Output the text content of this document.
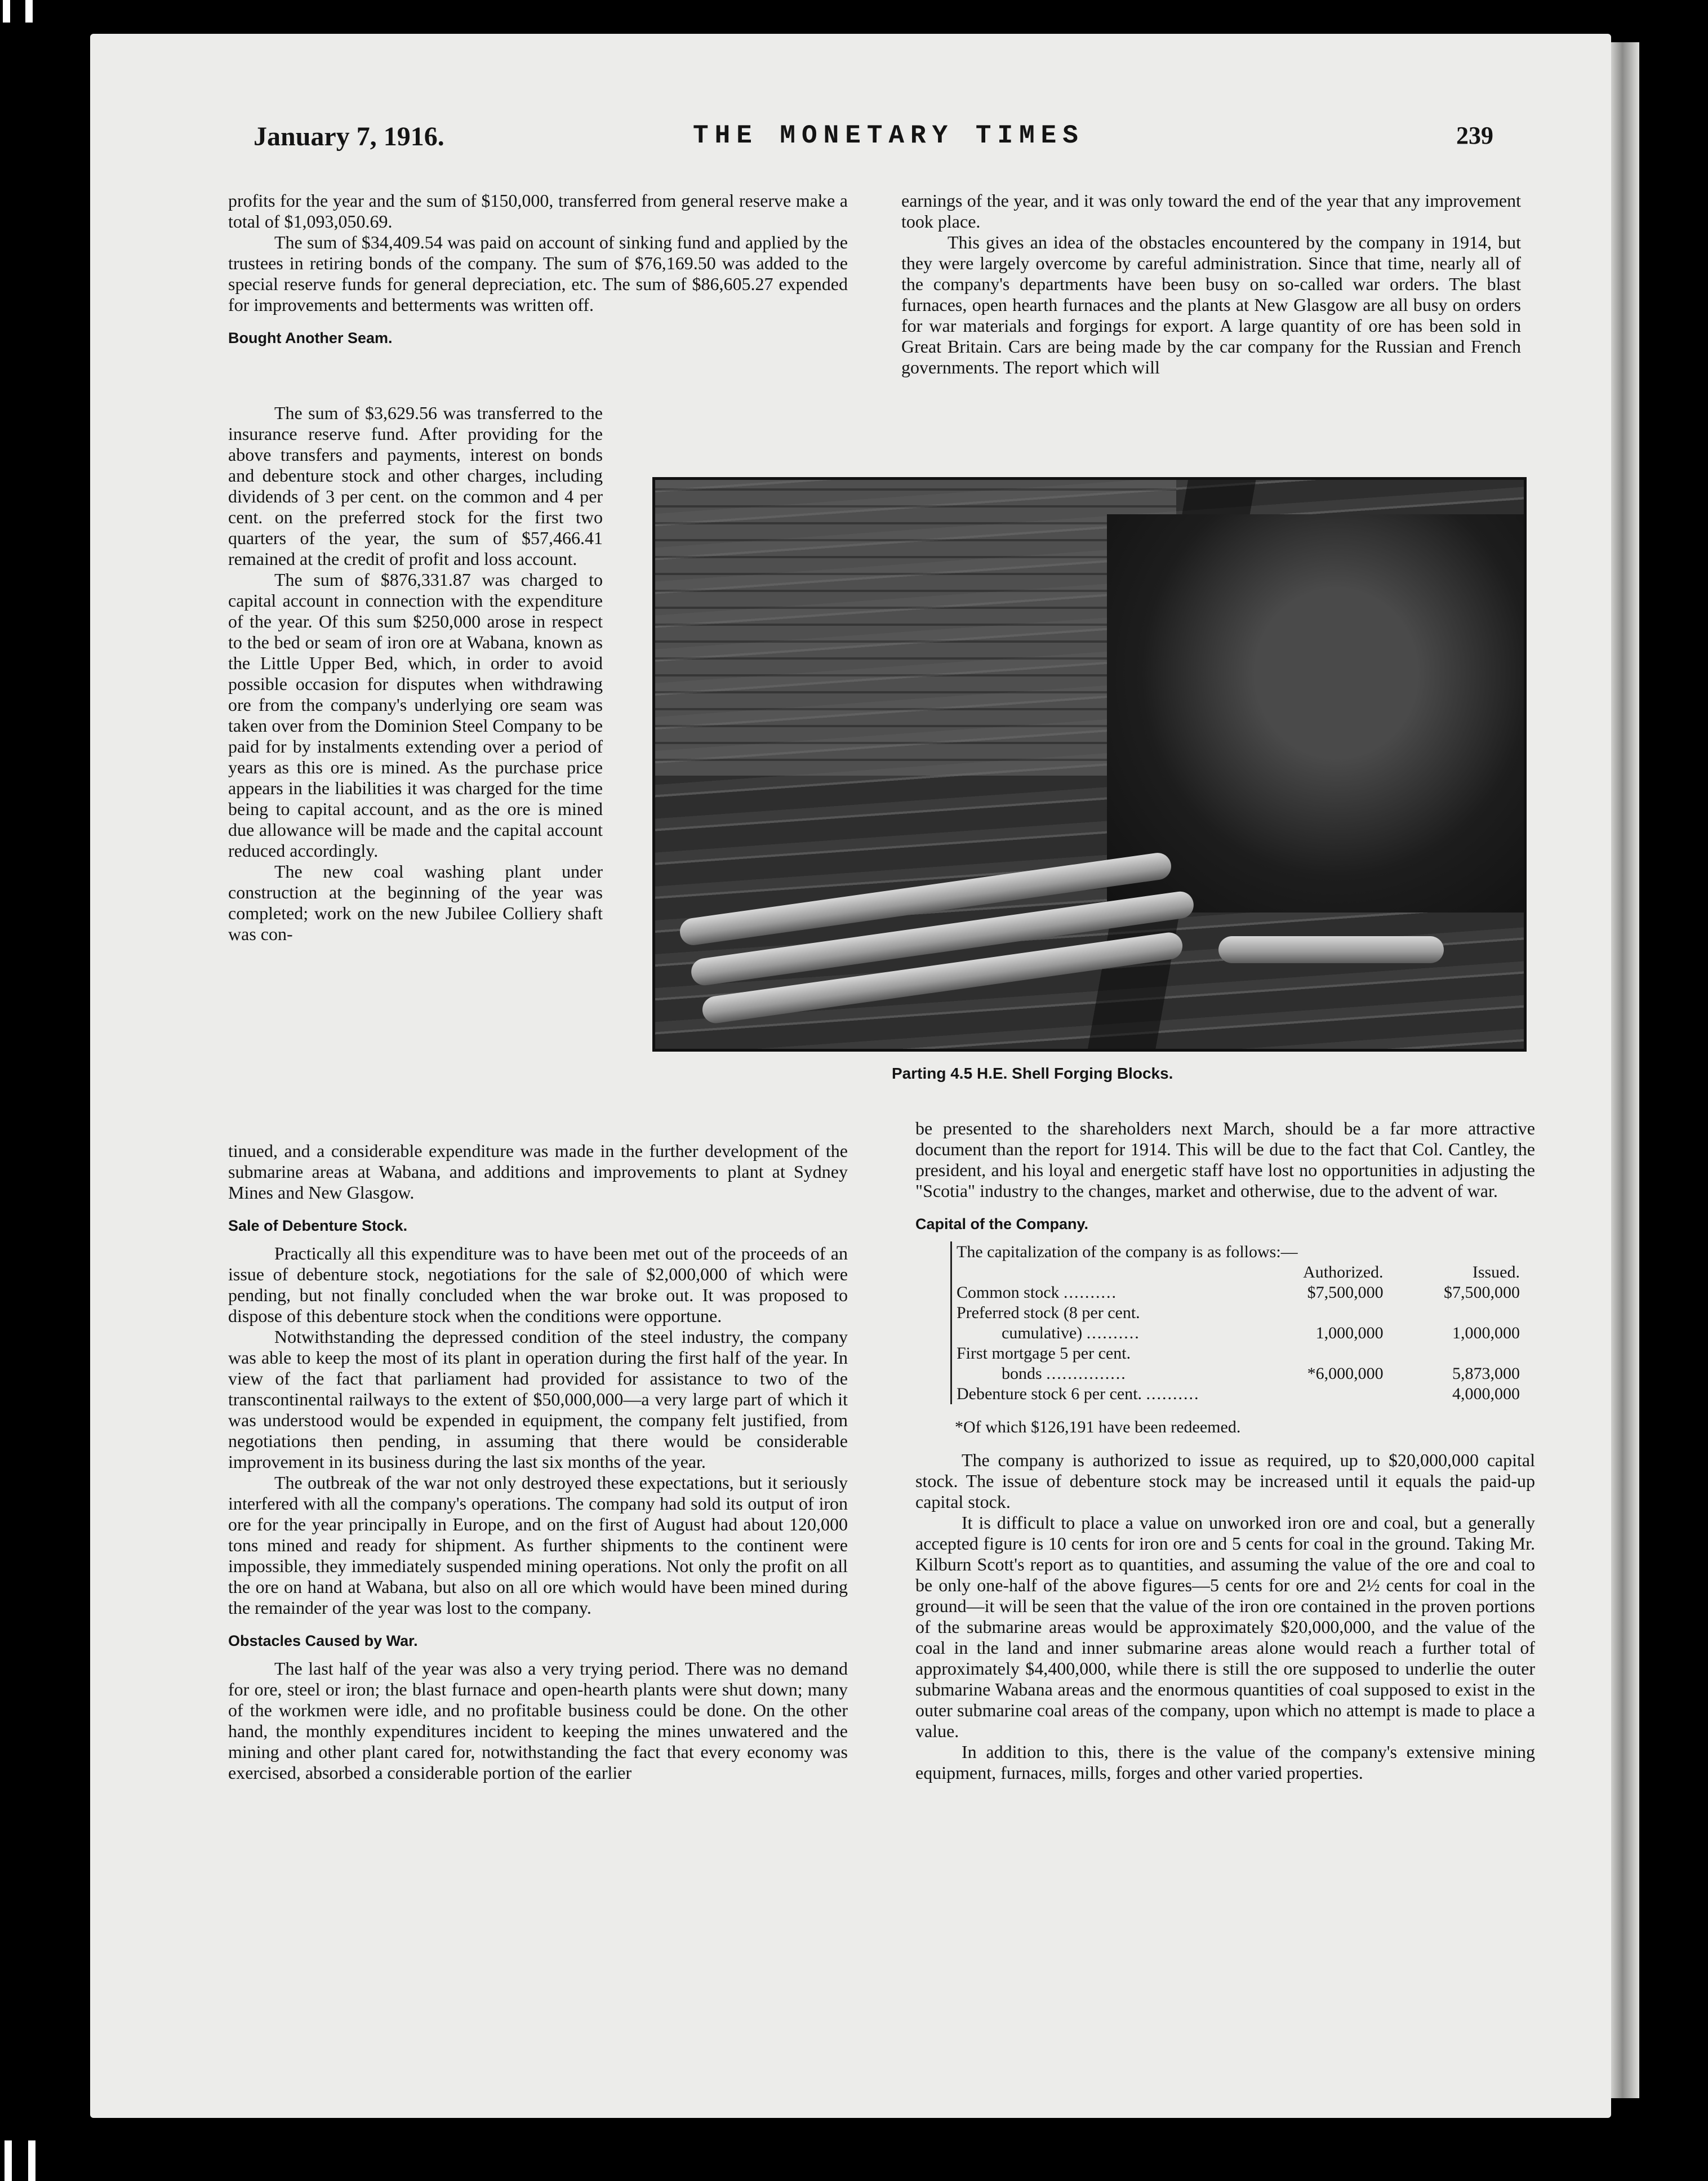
January 7, 1916.	THE MONETARY TIMES	239

profits for the year and the sum of $150,000, transferred from general reserve make a total of $1,093,050.69.

The sum of $34,409.54 was paid on account of sinking fund and applied by the trustees in retiring bonds of the company. The sum of $76,169.50 was added to the special reserve funds for general depreciation, etc. The sum of $86,605.27 expended for improvements and betterments was written off.

Bought Another Seam.

The sum of $3,629.56 was transferred to the insurance reserve fund. After providing for the above transfers and payments, interest on bonds and debenture stock and other charges, including dividends of 3 per cent. on the common and 4 per cent. on the preferred stock for the first two quarters of the year, the sum of $57,466.41 remained at the credit of profit and loss account.

The sum of $876,331.87 was charged to capital account in connection with the expenditure of the year. Of this sum $250,000 arose in respect to the bed or seam of iron ore at Wabana, known as the Little Upper Bed, which, in order to avoid possible occasion for disputes when withdrawing ore from the company's underlying ore seam was taken over from the Dominion Steel Company to be paid for by instalments extending over a period of years as this ore is mined. As the purchase price appears in the liabilities it was charged for the time being to capital account, and as the ore is mined due allowance will be made and the capital account reduced accordingly.

The new coal washing plant under construction at the beginning of the year was completed; work on the new Jubilee Colliery shaft was con-

tinued, and a considerable expenditure was made in the further development of the submarine areas at Wabana, and additions and improvements to plant at Sydney Mines and New Glasgow.

Sale of Debenture Stock.

Practically all this expenditure was to have been met out of the proceeds of an issue of debenture stock, negotiations for the sale of $2,000,000 of which were pending, but not finally concluded when the war broke out. It was proposed to dispose of this debenture stock when the conditions were opportune.

Notwithstanding the depressed condition of the steel industry, the company was able to keep the most of its plant in operation during the first half of the year. In view of the fact that parliament had provided for assistance to two of the transcontinental railways to the extent of $50,000,000—a very large part of which it was understood would be expended in equipment, the company felt justified, from negotiations then pending, in assuming that there would be considerable improvement in its business during the last six months of the year.

The outbreak of the war not only destroyed these expectations, but it seriously interfered with all the company's operations. The company had sold its output of iron ore for the year principally in Europe, and on the first of August had about 120,000 tons mined and ready for shipment. As further shipments to the continent were impossible, they immediately suspended mining operations. Not only the profit on all the ore on hand at Wabana, but also on all ore which would have been mined during the remainder of the year was lost to the company.

Obstacles Caused by War.

The last half of the year was also a very trying period. There was no demand for ore, steel or iron; the blast furnace and open-hearth plants were shut down; many of the workmen were idle, and no profitable business could be done. On the other hand, the monthly expenditures incident to keeping the mines unwatered and the mining and other plant cared for, notwithstanding the fact that every economy was exercised, absorbed a considerable portion of the earlier

earnings of the year, and it was only toward the end of the year that any improvement took place.

This gives an idea of the obstacles encountered by the company in 1914, but they were largely overcome by careful administration. Since that time, nearly all of the company's departments have been busy on so-called war orders. The blast furnaces, open hearth furnaces and the plants at New Glasgow are all busy on orders for war materials and forgings for export. A large quantity of ore has been sold in Great Britain. Cars are being made by the car company for the Russian and French governments. The report which will

Parting 4.5 H.E. Shell Forging Blocks.

be presented to the shareholders next March, should be a far more attractive document than the report for 1914. This will be due to the fact that Col. Cantley, the president, and his loyal and energetic staff have lost no opportunities in adjusting the "Scotia" industry to the changes, market and otherwise, due to the advent of war.

Capital of the Company.
The capitalization of the company is as follows:—
	Authorized.	Issued.
Common stock ..........	$7,500,000	$7,500,000
Preferred stock (8 per cent.		
cumulative) ..........	1,000,000	1,000,000
First mortgage 5 per cent.		
bonds ...............	*6,000,000	5,873,000
Debenture stock 6 per cent. ..........		4,000,000
*Of which $126,191 have been redeemed.

The company is authorized to issue as required, up to $20,000,000 capital stock. The issue of debenture stock may be increased until it equals the paid-up capital stock.

It is difficult to place a value on unworked iron ore and coal, but a generally accepted figure is 10 cents for iron ore and 5 cents for coal in the ground. Taking Mr. Kilburn Scott's report as to quantities, and assuming the value of the ore and coal to be only one-half of the above figures—5 cents for ore and 2½ cents for coal in the ground—it will be seen that the value of the iron ore contained in the proven portions of the submarine areas would be approximately $20,000,000, and the value of the coal in the land and inner submarine areas alone would reach a further total of approximately $4,400,000, while there is still the ore supposed to underlie the outer submarine Wabana areas and the enormous quantities of coal supposed to exist in the outer submarine coal areas of the company, upon which no attempt is made to place a value.

In addition to this, there is the value of the company's extensive mining equipment, furnaces, mills, forges and other varied properties.
